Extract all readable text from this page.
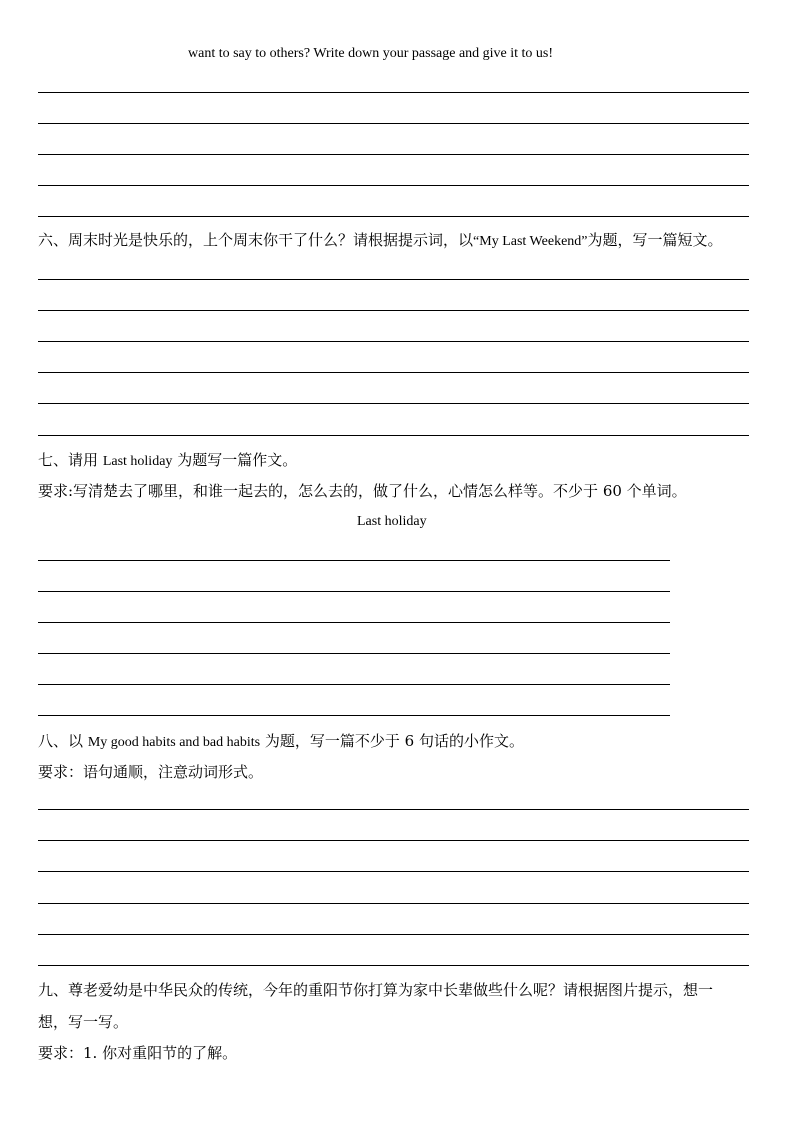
want to say to others? Write down your passage and give it to us!
六、周末时光是快乐的，上个周末你干了什么？请根据提示词，以“My Last Weekend”为题，写一篇短文。
七、请用 Last holiday 为题写一篇作文。
要求:写清楚去了哪里，和谁一起去的，怎么去的，做了什么，心情怎么样等。不少于 60 个单词。
Last holiday
八、以 My good habits and bad habits 为题，写一篇不少于 6 句话的小作文。
要求：语句通顺，注意动词形式。
九、尊老爱幼是中华民众的传统，今年的重阳节你打算为家中长辈做些什么呢？请根据图片提示，想一
想，写一写。
要求：1. 你对重阳节的了解。
